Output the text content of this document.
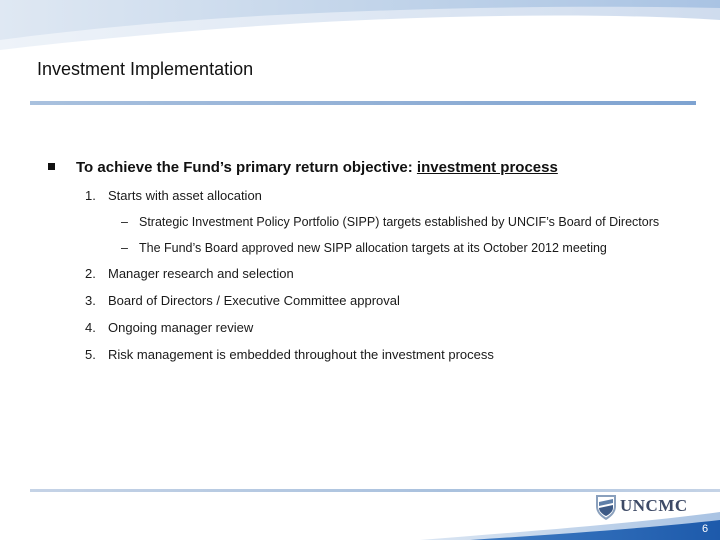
Investment Implementation
To achieve the Fund’s primary return objective: investment process
1. Starts with asset allocation
– Strategic Investment Policy Portfolio (SIPP) targets established by UNCIF’s Board of Directors
– The Fund’s Board approved new SIPP allocation targets at its October 2012 meeting
2. Manager research and selection
3. Board of Directors / Executive Committee approval
4. Ongoing manager review
5. Risk management is embedded throughout the investment process
UNCMC
6
